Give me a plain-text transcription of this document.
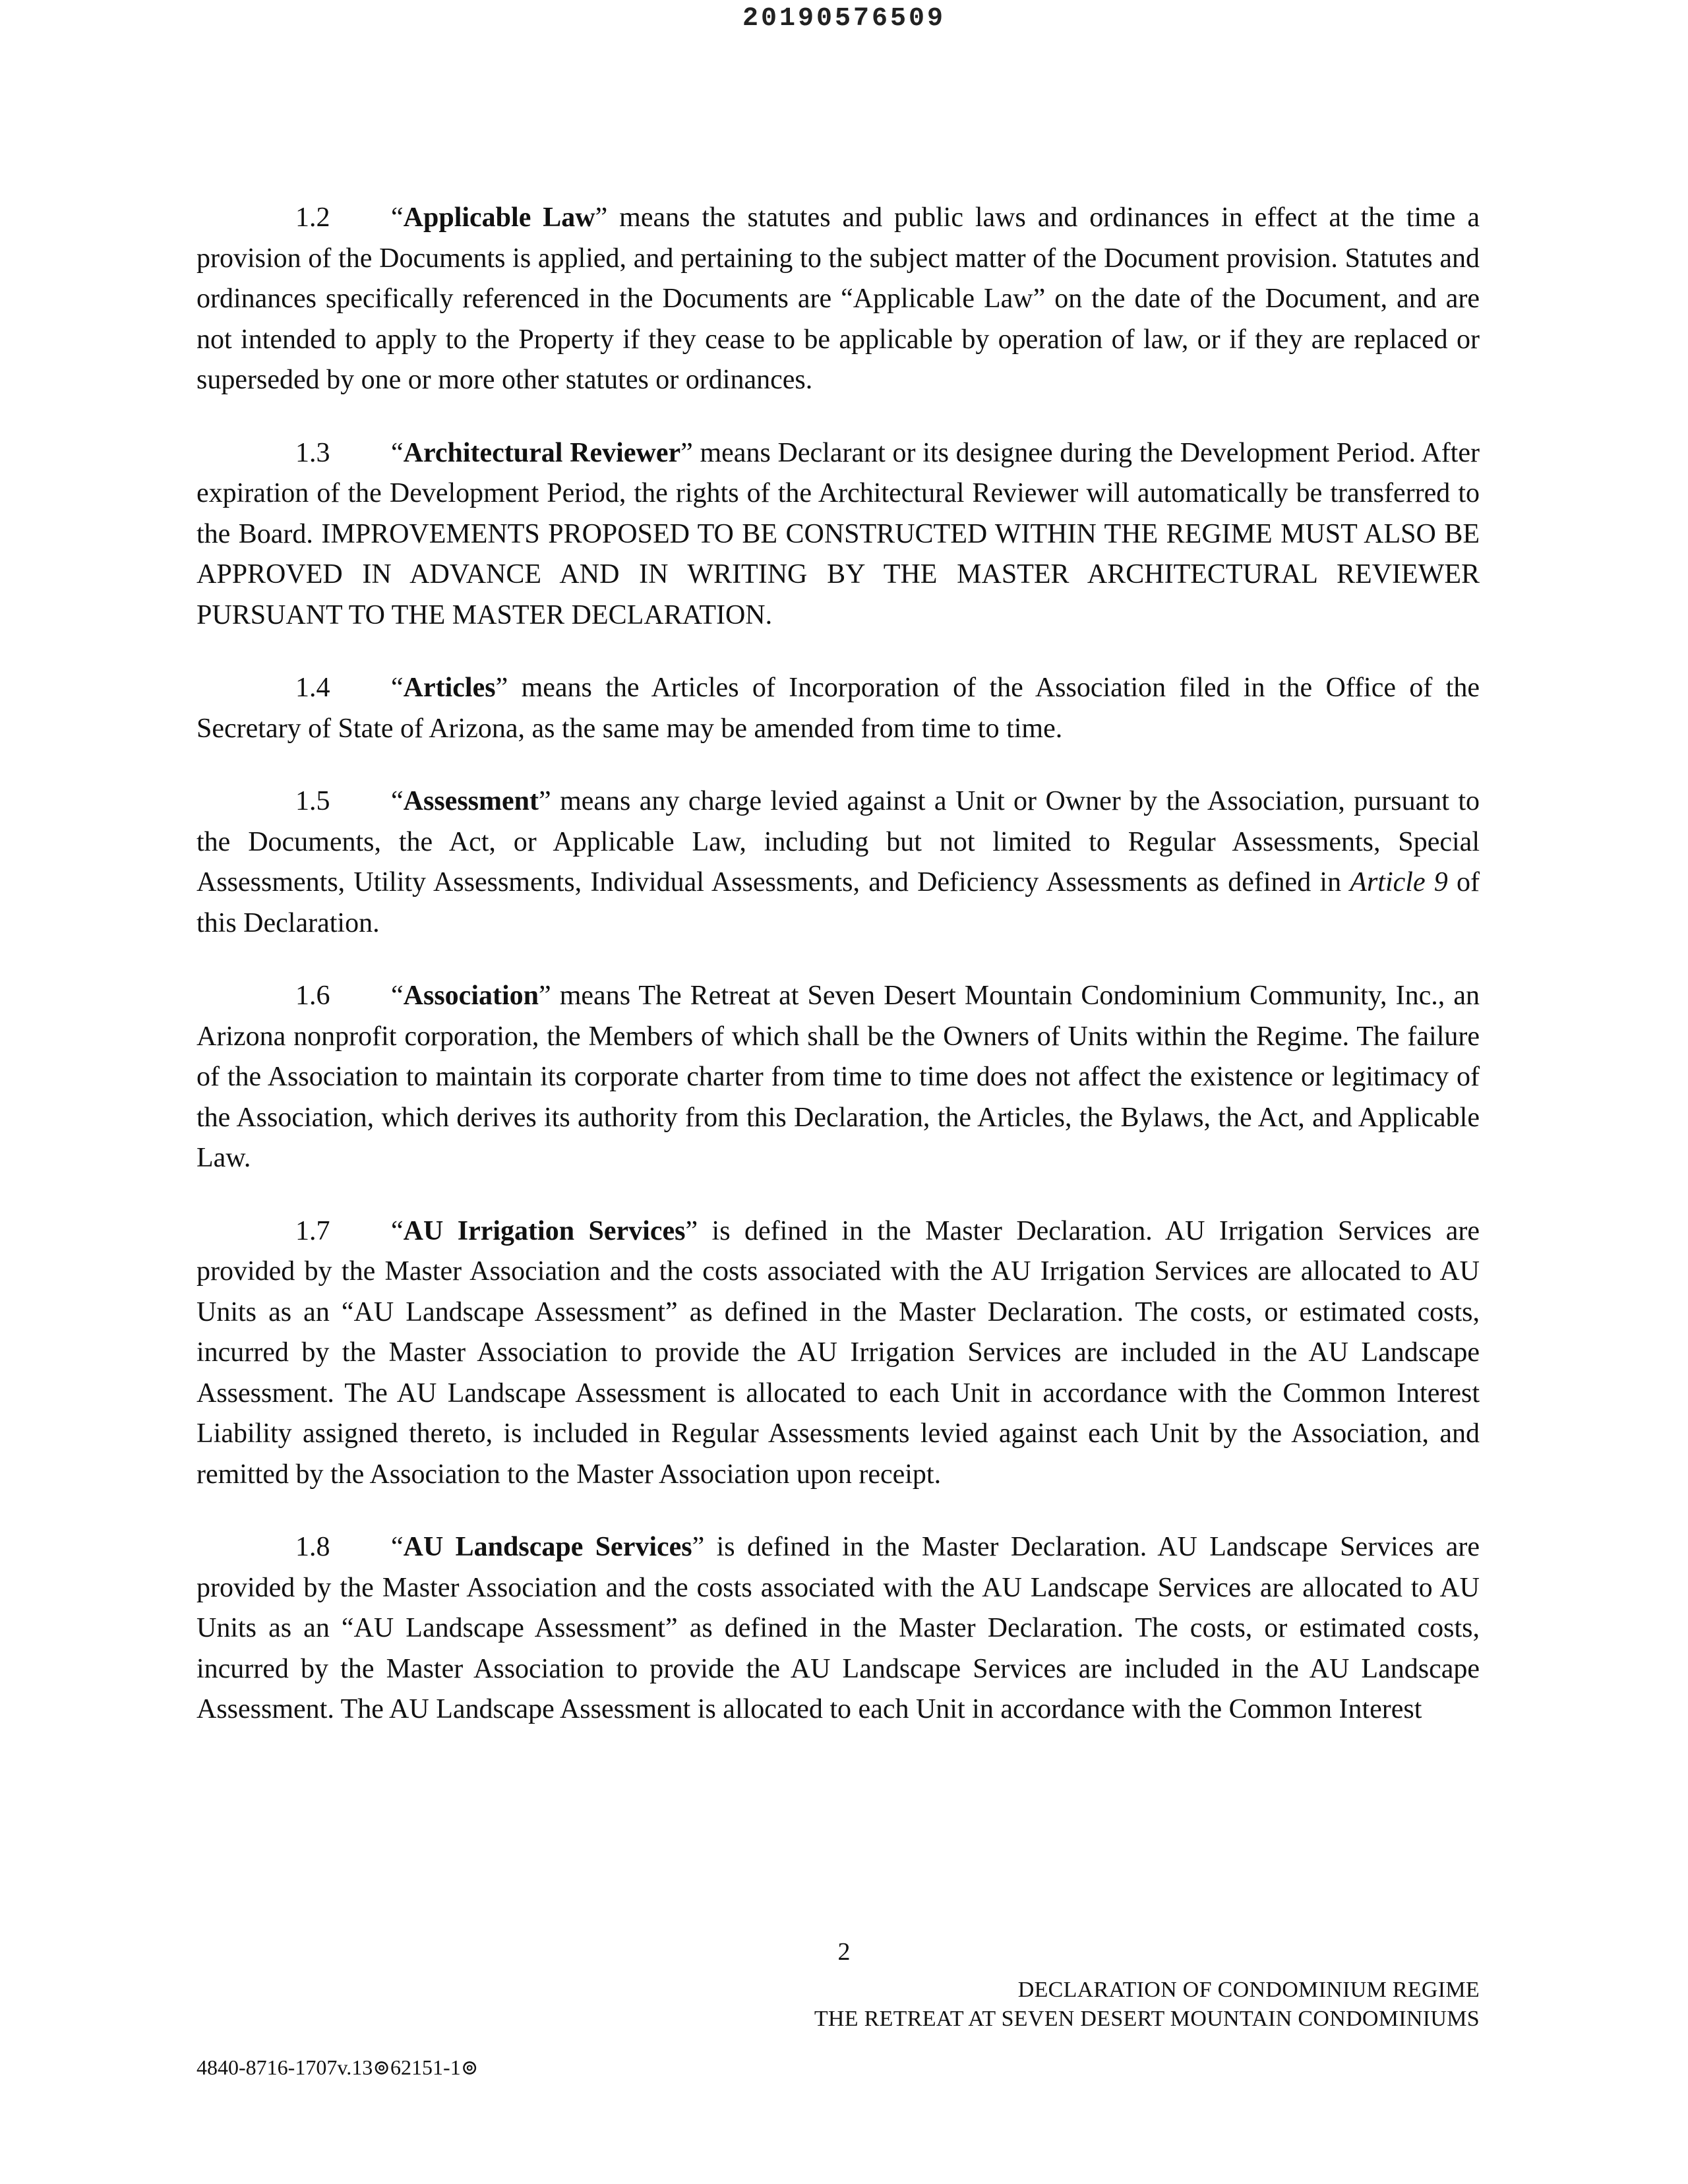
20190576509

1.2 “Applicable Law” means the statutes and public laws and ordinances in effect at the time a provision of the Documents is applied, and pertaining to the subject matter of the Document provision. Statutes and ordinances specifically referenced in the Documents are “Applicable Law” on the date of the Document, and are not intended to apply to the Property if they cease to be applicable by operation of law, or if they are replaced or superseded by one or more other statutes or ordinances.

1.3 “Architectural Reviewer” means Declarant or its designee during the Development Period. After expiration of the Development Period, the rights of the Architectural Reviewer will automatically be transferred to the Board. IMPROVEMENTS PROPOSED TO BE CONSTRUCTED WITHIN THE REGIME MUST ALSO BE APPROVED IN ADVANCE AND IN WRITING BY THE MASTER ARCHITECTURAL REVIEWER PURSUANT TO THE MASTER DECLARATION.

1.4 “Articles” means the Articles of Incorporation of the Association filed in the Office of the Secretary of State of Arizona, as the same may be amended from time to time.

1.5 “Assessment” means any charge levied against a Unit or Owner by the Association, pursuant to the Documents, the Act, or Applicable Law, including but not limited to Regular Assessments, Special Assessments, Utility Assessments, Individual Assessments, and Deficiency Assessments as defined in Article 9 of this Declaration.

1.6 “Association” means The Retreat at Seven Desert Mountain Condominium Community, Inc., an Arizona nonprofit corporation, the Members of which shall be the Owners of Units within the Regime. The failure of the Association to maintain its corporate charter from time to time does not affect the existence or legitimacy of the Association, which derives its authority from this Declaration, the Articles, the Bylaws, the Act, and Applicable Law.

1.7 “AU Irrigation Services” is defined in the Master Declaration. AU Irrigation Services are provided by the Master Association and the costs associated with the AU Irrigation Services are allocated to AU Units as an “AU Landscape Assessment” as defined in the Master Declaration. The costs, or estimated costs, incurred by the Master Association to provide the AU Irrigation Services are included in the AU Landscape Assessment. The AU Landscape Assessment is allocated to each Unit in accordance with the Common Interest Liability assigned thereto, is included in Regular Assessments levied against each Unit by the Association, and remitted by the Association to the Master Association upon receipt.

1.8 “AU Landscape Services” is defined in the Master Declaration. AU Landscape Services are provided by the Master Association and the costs associated with the AU Landscape Services are allocated to AU Units as an “AU Landscape Assessment” as defined in the Master Declaration. The costs, or estimated costs, incurred by the Master Association to provide the AU Landscape Services are included in the AU Landscape Assessment. The AU Landscape Assessment is allocated to each Unit in accordance with the Common Interest

2
DECLARATION OF CONDOMINIUM REGIME
THE RETREAT AT SEVEN DESERT MOUNTAIN CONDOMINIUMS
4840-8716-1707v.13⊚62151-1⊚
